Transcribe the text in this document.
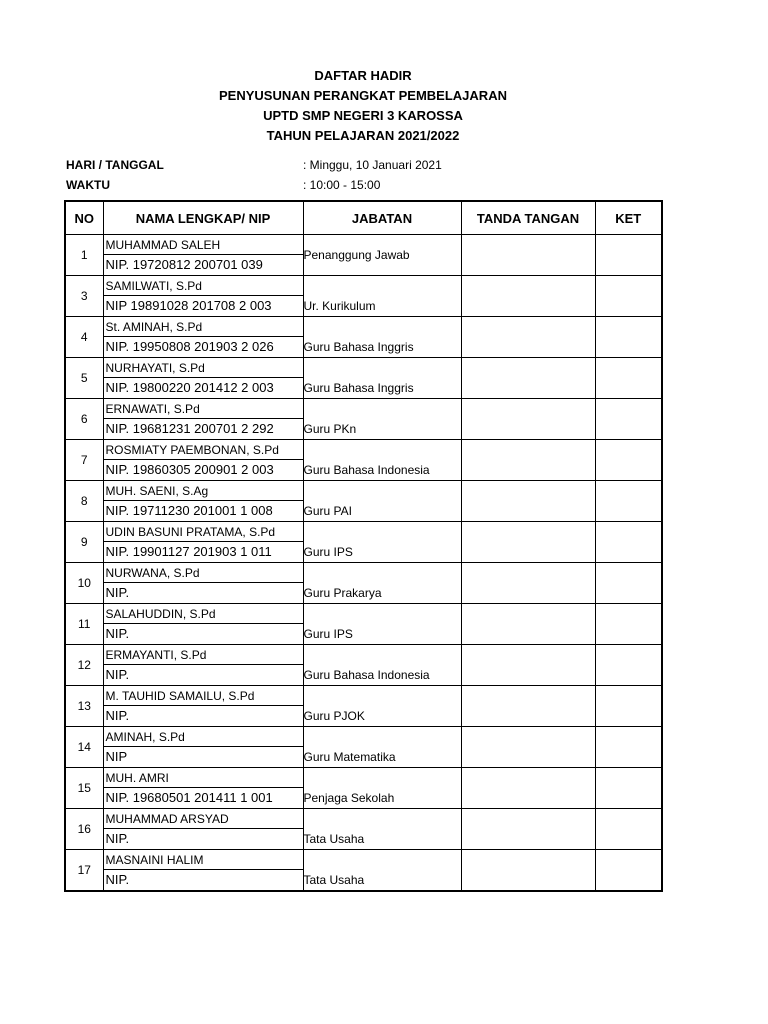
DAFTAR HADIR
PENYUSUNAN PERANGKAT PEMBELAJARAN
UPTD SMP NEGERI 3 KAROSSA
TAHUN PELAJARAN 2021/2022
HARI / TANGGAL	: Minggu, 10 Januari 2021
WAKTU	: 10:00 - 15:00
NO	NAMA LENGKAP/ NIP	JABATAN	TANDA TANGAN	KET
1	MUHAMMAD SALEH
NIP. 19720812 200701 039	Penanggung Jawab		

3	SAMILWATI, S.Pd
NIP 19891028 201708 2 003	Ur. Kurikulum		

4	St. AMINAH, S.Pd
NIP. 19950808 201903 2 026	Guru Bahasa Inggris		

5	NURHAYATI, S.Pd
NIP. 19800220 201412 2 003	Guru Bahasa Inggris		

6	ERNAWATI, S.Pd
NIP. 19681231 200701 2 292	Guru PKn		

7	ROSMIATY PAEMBONAN, S.Pd
NIP. 19860305 200901 2 003	Guru Bahasa Indonesia		

8	MUH. SAENI, S.Ag
NIP. 19711230 201001 1 008	Guru PAI		

9	UDIN BASUNI PRATAMA, S.Pd
NIP. 19901127 201903 1 011	Guru IPS		

10	NURWANA, S.Pd
NIP.	Guru Prakarya		

11	SALAHUDDIN, S.Pd
NIP.	Guru IPS		

12	ERMAYANTI, S.Pd
NIP.	Guru Bahasa Indonesia		

13	M. TAUHID SAMAILU, S.Pd
NIP.	Guru PJOK		

14	AMINAH, S.Pd
NIP	Guru Matematika		

15	MUH. AMRI
NIP. 19680501 201411 1 001	Penjaga Sekolah		

16	MUHAMMAD ARSYAD
NIP.	Tata Usaha		

17	MASNAINI HALIM
NIP.	Tata Usaha		
